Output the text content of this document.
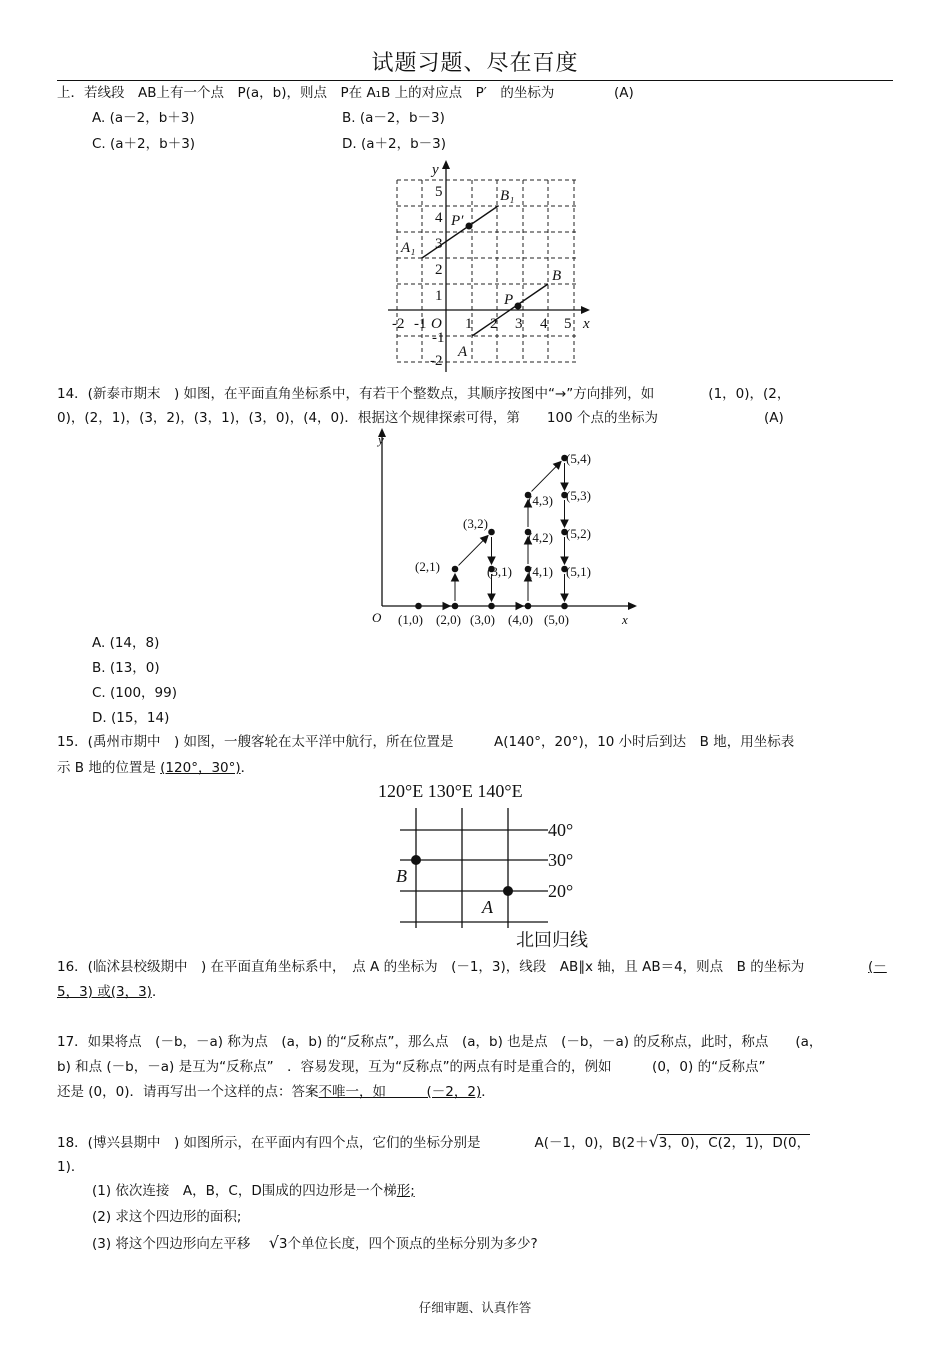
试题习题、尽在百度
上．若线段　AB上有一个点　P(a，b)，则点　P在 A₁B 上的对应点　P′　的坐标为	(A)
A. (a－2，b＋3)	B. (a－2，b－3)
C. (a＋2，b＋3)	D. (a＋2，b－3)
5
4
3
2
1
-1
-2
-2 -1 O 1 2 3 4 5 x
y
A₁
B₁
P′
A
B
P
14．(新泰市期末　) 如图，在平面直角坐标系中，有若干个整数点，其顺序按图中“→”方向排列，如　　　　(1，0)，(2，
0)，(2，1)，(3，2)，(3，1)，(3，0)，(4，0)．根据这个规律探索可得，第　　100 个点的坐标为	(A)
y
x
O (1,0) (2,0) (3,0) (4,0) (5,0)
(2,1)
(3,2)
(3,1)
(4,3)
(4,2)
(4,1)
(5,4)
(5,3)
(5,2)
(5,1)
A. (14，8)
B. (13，0)
C. (100，99)
D. (15，14)
15．(禹州市期中　) 如图，一艘客轮在太平洋中航行，所在位置是　　　A(140°，20°)，10 小时后到达　B 地，用坐标表
示 B 地的位置是 (120°，30°)．
120°E 130°E 140°E
40°
30°
20°
B
A
北回归线
16．(临沭县校级期中　) 在平面直角坐标系中，　点 A 的坐标为　(－1，3)，线段　AB∥x 轴，且 AB＝4，则点　B 的坐标为	(－
5，3) 或(3，3)．
17．如果将点　(－b，－a) 称为点　(a，b) 的“反称点”，那么点　(a，b) 也是点　(－b，－a) 的反称点，此时，称点　　(a，
b) 和点 (－b，－a) 是互为“反称点”　．容易发现，互为“反称点”的两点有时是重合的，例如　　　(0，0) 的“反称点”
还是 (0，0)．请再写出一个这样的点：答案不唯一，如　　　(－2，2)．
18．(博兴县期中　) 如图所示，在平面内有四个点，它们的坐标分别是　　　　A(－1，0)，B(2＋√3，0)，C(2，1)，D(0，
1)．
(1) 依次连接　A，B，C，D围成的四边形是一个梯形;
(2) 求这个四边形的面积;
(3) 将这个四边形向左平移 √3个单位长度，四个顶点的坐标分别为多少?
仔细审题、认真作答
